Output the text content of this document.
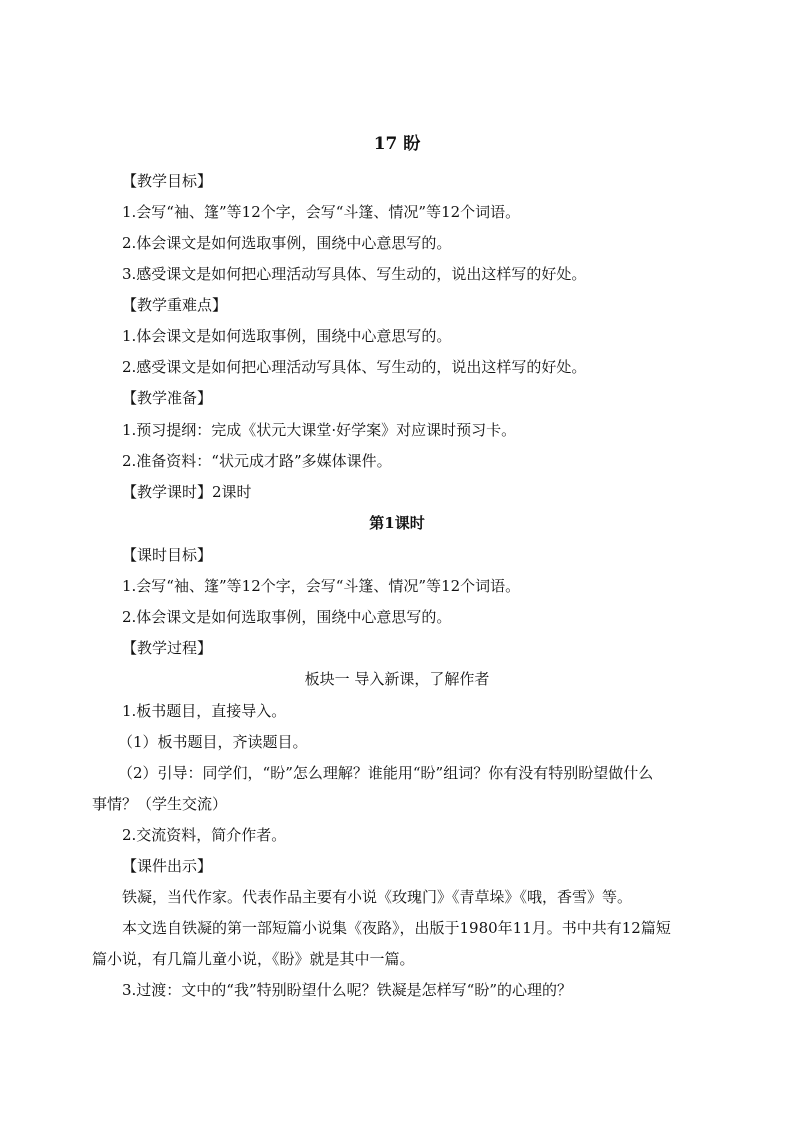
17 盼
【教学目标】
1.会写“袖、篷”等12个字，会写“斗篷、情况”等12个词语。
2.体会课文是如何选取事例，围绕中心意思写的。
3.感受课文是如何把心理活动写具体、写生动的，说出这样写的好处。
【教学重难点】
1.体会课文是如何选取事例，围绕中心意思写的。
2.感受课文是如何把心理活动写具体、写生动的，说出这样写的好处。
【教学准备】
1.预习提纲：完成《状元大课堂·好学案》对应课时预习卡。
2.准备资料：“状元成才路”多媒体课件。
【教学课时】2课时
第1课时
【课时目标】
1.会写“袖、篷”等12个字，会写“斗篷、情况”等12个词语。
2.体会课文是如何选取事例，围绕中心意思写的。
【教学过程】
板块一 导入新课，了解作者
1.板书题目，直接导入。
（1）板书题目，齐读题目。
（2）引导：同学们，“盼”怎么理解？谁能用“盼”组词？你有没有特别盼望做什么
事情？（学生交流）
2.交流资料，简介作者。
【课件出示】
铁凝，当代作家。代表作品主要有小说《玫瑰门》《青草垛》《哦，香雪》等。
本文选自铁凝的第一部短篇小说集《夜路》，出版于1980年11月。书中共有12篇短
篇小说，有几篇儿童小说，《盼》就是其中一篇。
3.过渡：文中的“我”特别盼望什么呢？铁凝是怎样写“盼”的心理的？
